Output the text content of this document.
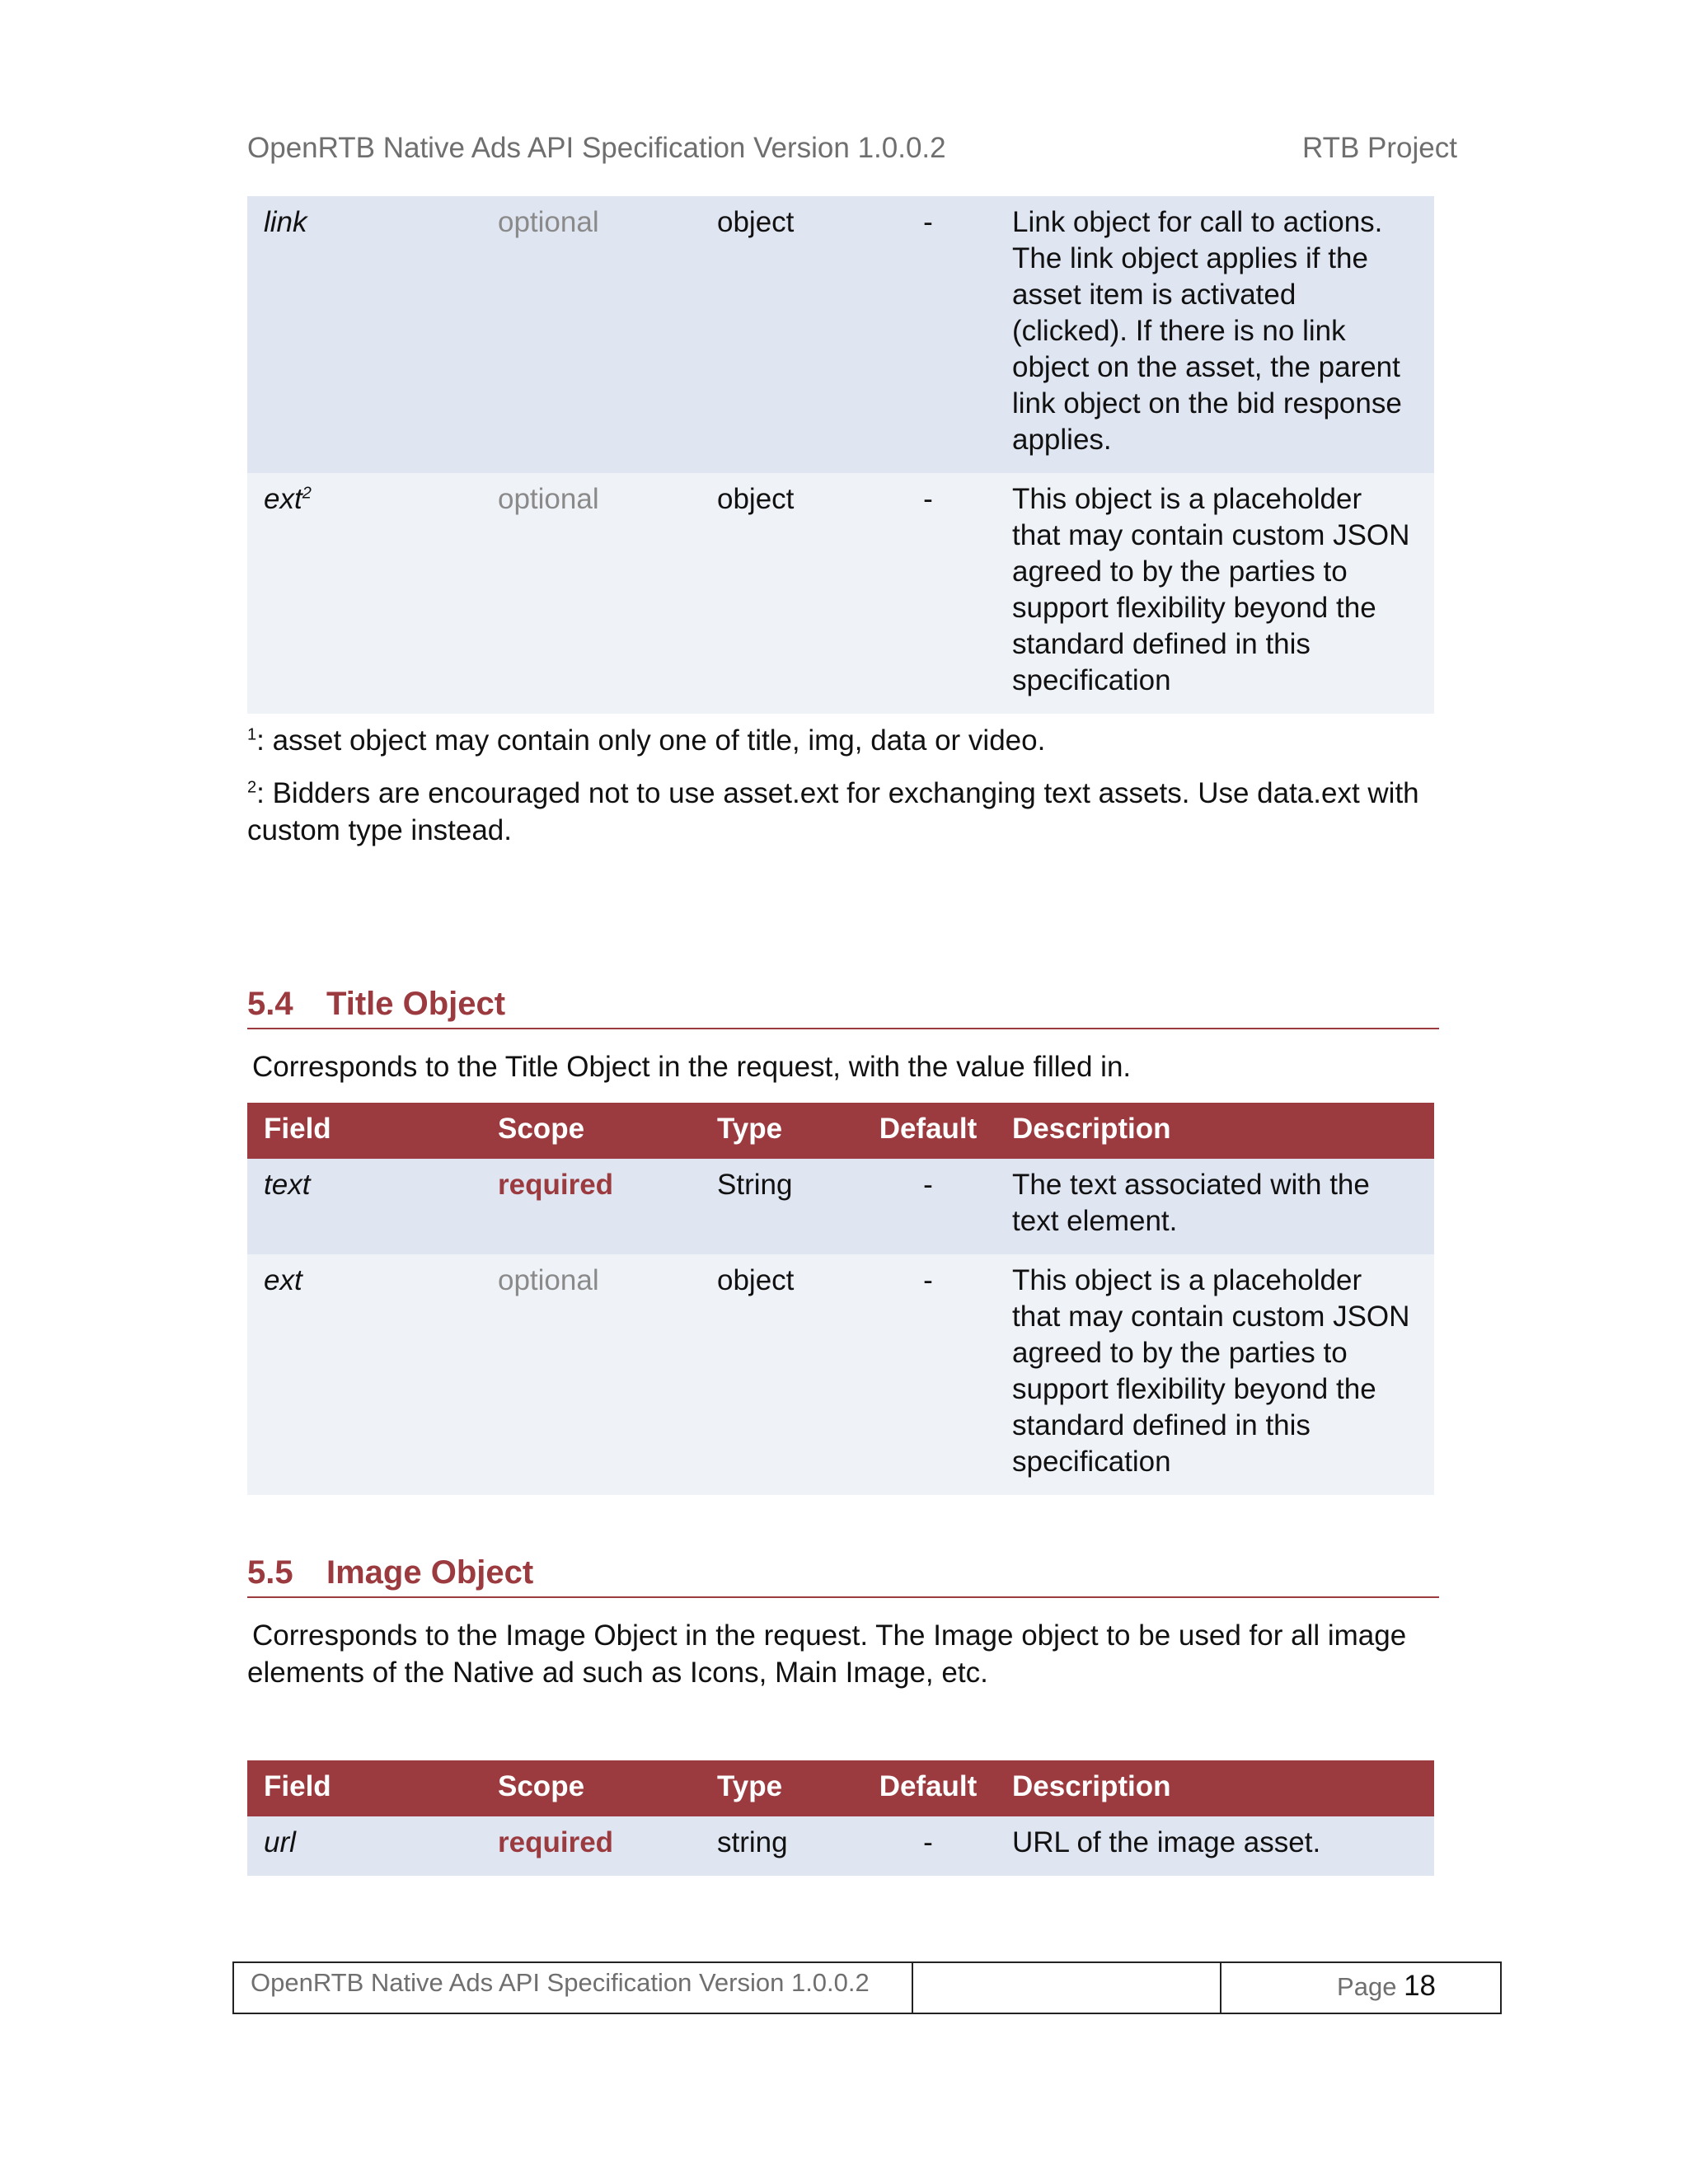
OpenRTB Native Ads API Specification Version 1.0.0.2	RTB Project
link	optional	object	-	Link object for call to actions. The link object applies if the asset item is activated (clicked). If there is no link object on the asset, the parent link object on the bid response applies.
ext$^2$	optional	object	-	This object is a placeholder that may contain custom JSON agreed to by the parties to support flexibility beyond the standard defined in this specification
$^1$: asset object may contain only one of title, img, data or video.
$^2$: Bidders are encouraged not to use asset.ext for exchanging text assets. Use data.ext with custom type instead.
5.4 Title Object
Corresponds to the Title Object in the request, with the value filled in.
Field	Scope	Type	Default	Description
text	required	String	-	The text associated with the text element.
ext	optional	object	-	This object is a placeholder that may contain custom JSON agreed to by the parties to support flexibility beyond the standard defined in this specification
5.5 Image Object
Corresponds to the Image Object in the request. The Image object to be used for all image elements of the Native ad such as Icons, Main Image, etc.
Field	Scope	Type	Default	Description
url	required	string	-	URL of the image asset.
OpenRTB Native Ads API Specification Version 1.0.0.2	Page 18
